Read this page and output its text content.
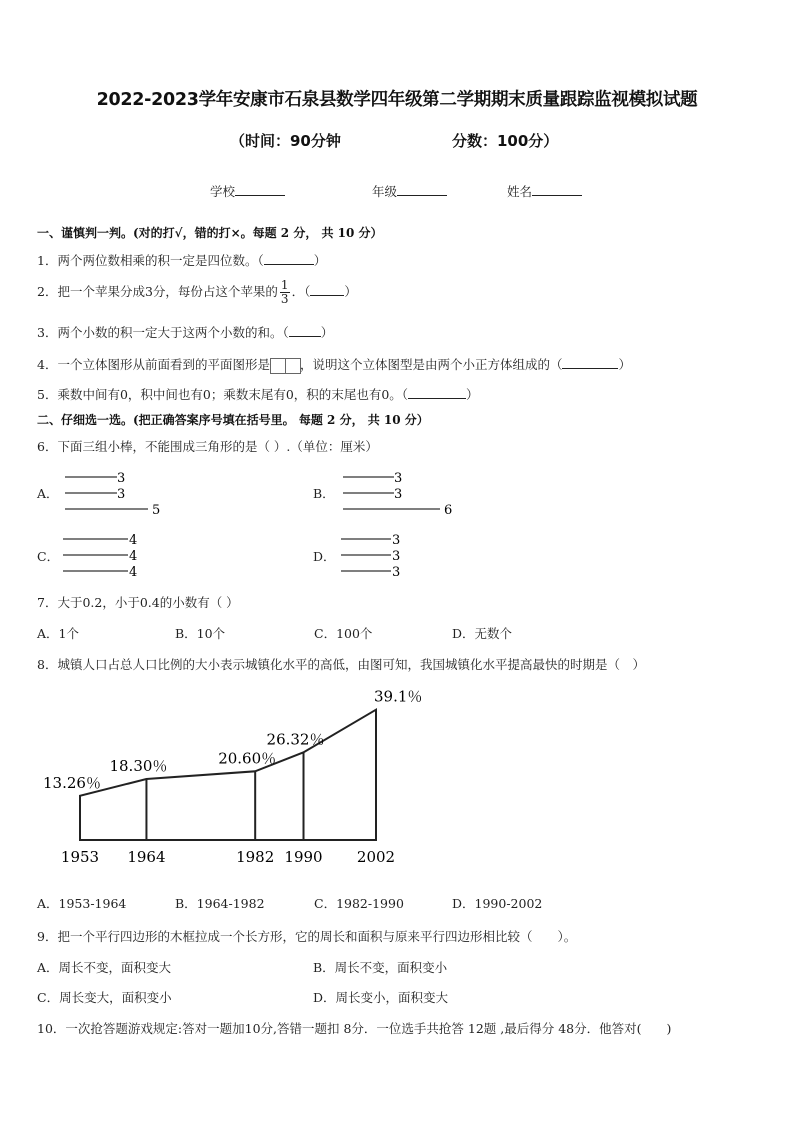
2022-2023学年安康市石泉县数学四年级第二学期期末质量跟踪监视模拟试题
（时间：90分钟	分数：100分）
学校	年级	姓名
一、谨慎判一判。(对的打√，错的打×。每题 2 分， 共 10 分）
1．两个两位数相乘的积一定是四位数。（	）
2．把一个苹果分成3分，每份占这个苹果的 $\frac{1}{3}$ ．（	）
3．两个小数的积一定大于这两个小数的和。（	）
4．一个立体图形从前面看到的平面图形是 ，说明这个立体图型是由两个小正方体组成的（	）
5．乘数中间有0，积中间也有0；乘数末尾有0，积的末尾也有0。（	）
二、仔细选一选。(把正确答案序号填在括号里。 每题 2 分， 共 10 分）
6．下面三组小棒，不能围成三角形的是（ ）.（单位：厘米）
A．
3
3
5
B．
3
3
6
C．
4
4
4
D．
3
3
3
7．大于0.2，小于0.4的小数有（ ）
A．1个	B．10个	C．100个	D．无数个
8．城镇人口占总人口比例的大小表示城镇化水平的高低，由图可知，我国城镇化水平提高最快的时期是（　）
13.26％
18.30％	20.60％
26.32％
39.1％
1953 1964	1982 1990 2002
A．1953-1964	B．1964-1982	C．1982-1990	D．1990-2002
9．把一个平行四边形的木框拉成一个长方形，它的周长和面积与原来平行四边形相比较（　　）。
A．周长不变，面积变大	B．周长不变，面积变小
C．周长变大，面积变小	D．周长变小，面积变大
10．一次抢答题游戏规定:答对一题加10分,答错一题扣 8分．一位选手共抢答 12题 ,最后得分 48分．他答对(　　)
